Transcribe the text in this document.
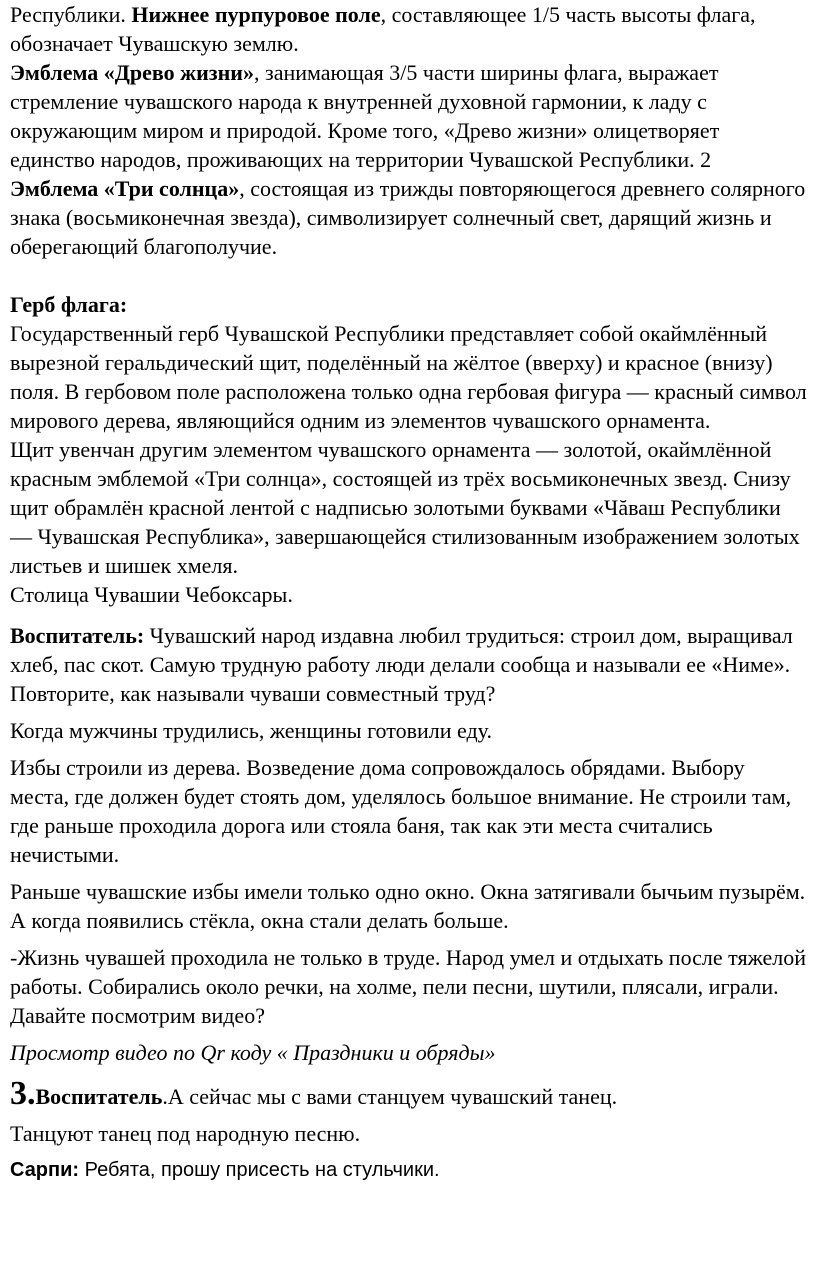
Республики. Нижнее пурпуровое поле, составляющее 1/5 часть высоты флага, обозначает Чувашскую землю.

Эмблема «Древо жизни», занимающая 3/5 части ширины флага, выражает стремление чувашского народа к внутренней духовной гармонии, к ладу с окружающим миром и природой. Кроме того, «Древо жизни» олицетворяет единство народов, проживающих на территории Чувашской Республики. 2

Эмблема «Три солнца», состоящая из трижды повторяющегося древнего солярного знака (восьмиконечная звезда), символизирует солнечный свет, дарящий жизнь и оберегающий благополучие.

Герб флага:

Государственный герб Чувашской Республики представляет собой окаймлённый вырезной геральдический щит, поделённый на жёлтое (вверху) и красное (внизу) поля. В гербовом поле расположена только одна гербовая фигура — красный символ мирового дерева, являющийся одним из элементов чувашского орнамента.

Щит увенчан другим элементом чувашского орнамента — золотой, окаймлённой красным эмблемой «Три солнца», состоящей из трёх восьмиконечных звезд. Снизу щит обрамлён красной лентой с надписью золотыми буквами «Чăваш Республики — Чувашская Республика», завершающейся стилизованным изображением золотых листьев и шишек хмеля.

Столица Чувашии Чебоксары.

Воспитатель: Чувашский народ издавна любил трудиться: строил дом, выращивал хлеб, пас скот. Самую трудную работу люди делали сообща и называли ее «Ниме». Повторите, как называли чуваши совместный труд?

Когда мужчины трудились, женщины готовили еду.

Избы строили из дерева. Возведение дома сопровождалось обрядами. Выбору места, где должен будет стоять дом, уделялось большое внимание. Не строили там, где раньше проходила дорога или стояла баня, так как эти места считались нечистыми.

Раньше чувашские избы имели только одно окно. Окна затягивали бычьим пузырём. А когда появились стёкла, окна стали делать больше.

-Жизнь чувашей проходила не только в труде. Народ умел и отдыхать после тяжелой работы. Собирались около речки, на холме, пели песни, шутили, плясали, играли. Давайте посмотрим видео?

Просмотр видео по Qr коду « Праздники и обряды»

3.Воспитатель.А сейчас мы с вами станцуем чувашский танец.

Танцуют танец под народную песню.

Сарпи: Ребята, прошу присесть на стульчики.
